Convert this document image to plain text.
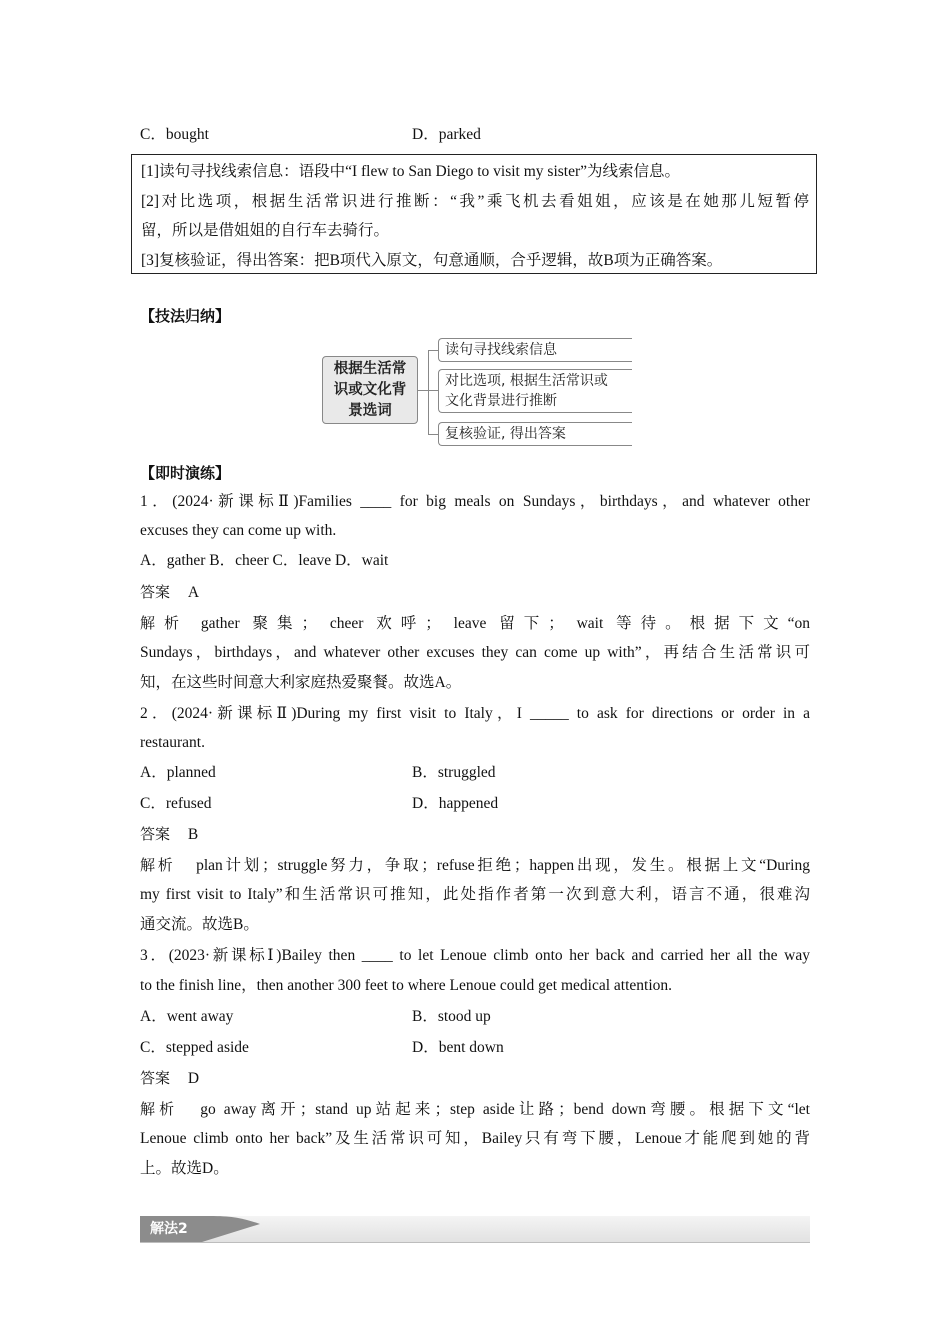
C．bought	D．parked
[1]读句寻找线索信息：语段中“I flew to San Diego to visit my sister”为线索信息。
[2]对比选项，根据生活常识进行推断：“我”乘飞机去看姐姐，应该是在她那儿短暂停
留，所以是借姐姐的自行车去骑行。
[3]复核验证，得出答案：把B项代入原文，句意通顺，合乎逻辑，故B项为正确答案。
【技法归纳】
根据生活常
识或文化背
景选词
读句寻找线索信息
对比选项, 根据生活常识或
文化背景进行推断
复核验证, 得出答案
【即时演练】
1．(2024·新课标Ⅱ)Families ____ for big meals on Sundays，birthdays，and whatever other
excuses they can come up with.
A．gather B．cheer C．leave D．wait
答案 A
解析 gather 聚集； cheer 欢呼； leave 留下； wait 等待。根据下文“on
Sundays，birthdays，and whatever other excuses they can come up with”，再结合生活常识可
知，在这些时间意大利家庭热爱聚餐。故选A。
2．(2024·新课标Ⅱ)During my first visit to Italy，I _____ to ask for directions or order in a
restaurant.
A．planned	B．struggled
C．refused	D．happened
答案 B
解析 plan计划；struggle努力，争取；refuse拒绝；happen出现，发生。根据上文“During
my first visit to Italy”和生活常识可推知，此处指作者第一次到意大利，语言不通，很难沟
通交流。故选B。
3．(2023·新课标Ⅰ)Bailey then ____ to let Lenoue climb onto her back and carried her all the way
to the finish line，then another 300 feet to where Lenoue could get medical attention.
A．went away	B．stood up
C．stepped aside	D．bent down
答案 D
解析 go away离开；stand up站起来；step aside让路；bend down弯腰。根据下文“let
Lenoue climb onto her back”及生活常识可知，Bailey只有弯下腰，Lenoue才能爬到她的背
上。故选D。
解法2
